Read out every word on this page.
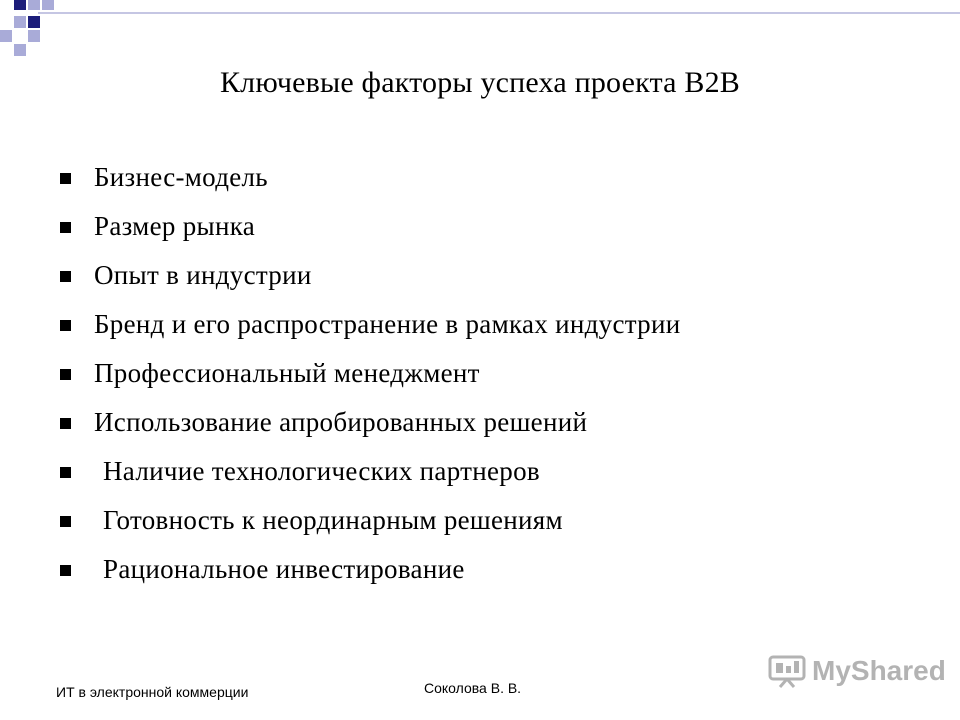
Ключевые факторы успеха проекта B2B
Бизнес-модель
Размер рынка
Опыт в индустрии
Бренд и его распространение в рамках индустрии
Профессиональный менеджмент
Использование апробированных решений
Наличие технологических партнеров
Готовность к неординарным решениям
Рациональное инвестирование
ИТ в электронной коммерции	Соколова В. В.
MyShared
